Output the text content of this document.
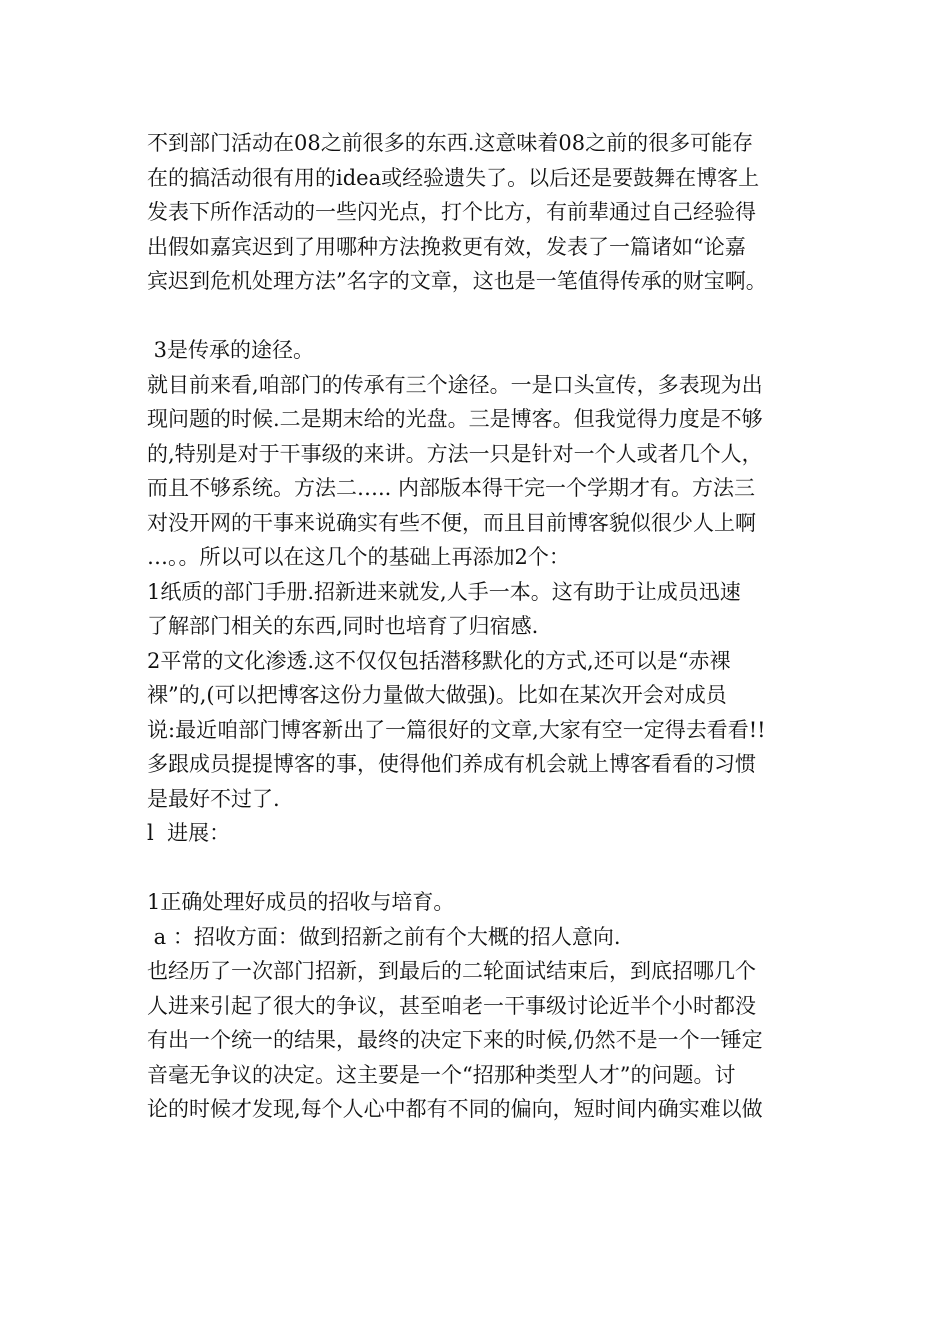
不到部门活动在08之前很多的东西.这意味着08之前的很多可能存
在的搞活动很有用的idea或经验遗失了。以后还是要鼓舞在博客上
发表下所作活动的一些闪光点，打个比方，有前辈通过自己经验得
出假如嘉宾迟到了用哪种方法挽救更有效，发表了一篇诸如“论嘉
宾迟到危机处理方法”名字的文章，这也是一笔值得传承的财宝啊。
3是传承的途径。
就目前来看,咱部门的传承有三个途径。一是口头宣传，多表现为出
现问题的时候.二是期末给的光盘。三是博客。但我觉得力度是不够
的,特别是对于干事级的来讲。方法一只是针对一个人或者几个人，
而且不够系统。方法二….. 内部版本得干完一个学期才有。方法三
对没开网的干事来说确实有些不便，而且目前博客貌似很少人上啊
…。。所以可以在这几个的基础上再添加2个：
1纸质的部门手册.招新进来就发,人手一本。这有助于让成员迅速
了解部门相关的东西,同时也培育了归宿感.
2平常的文化渗透.这不仅仅包括潜移默化的方式,还可以是“赤裸
裸”的,(可以把博客这份力量做大做强)。比如在某次开会对成员
说:最近咱部门博客新出了一篇很好的文章,大家有空一定得去看看!!
多跟成员提提博客的事，使得他们养成有机会就上博客看看的习惯
是最好不过了.
l  进展：
1正确处理好成员的招收与培育。
a ：招收方面：做到招新之前有个大概的招人意向.
也经历了一次部门招新，到最后的二轮面试结束后，到底招哪几个
人进来引起了很大的争议，甚至咱老一干事级讨论近半个小时都没
有出一个统一的结果，最终的决定下来的时候,仍然不是一个一锤定
音毫无争议的决定。这主要是一个“招那种类型人才”的问题。讨
论的时候才发现,每个人心中都有不同的偏向，短时间内确实难以做
